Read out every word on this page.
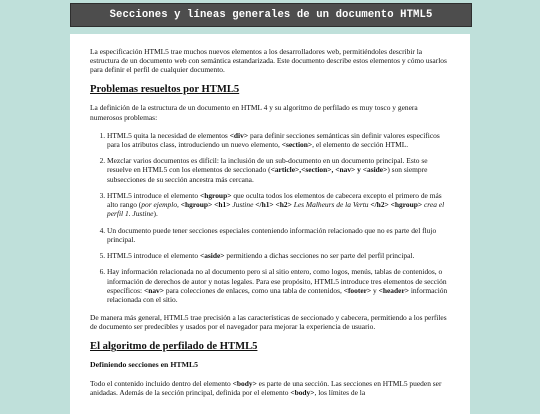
Secciones y líneas generales de un documento HTML5

La especificación HTML5 trae muchos nuevos elementos a los desarrolladores web, permitiéndoles describir la estructura de un documento web con semántica estandarizada. Este documento describe estos elementos y cómo usarlos para definir el perfil de cualquier documento.

Problemas resueltos por HTML5

La definición de la estructura de un documento en HTML 4 y su algoritmo de perfilado es muy tosco y genera numerosos problemas:

1. HTML5 quita la necesidad de elementos <div> para definir secciones semánticas sin definir valores específicos para los atributos class, introduciendo un nuevo elemento, <section>, el elemento de sección HTML.
2. Mezclar varios documentos es difícil: la inclusión de un sub-documento en un documento principal. Esto se resuelve en HTML5 con los elementos de seccionado (<article>,<section>, <nav> y <aside>) son siempre subsecciones de su sección ancestra más cercana.
3. HTML5 introduce el elemento <hgroup> que oculta todos los elementos de cabecera excepto el primero de más alto rango (por ejemplo, <hgroup> <h1> Justine </h1> <h2> Les Malheurs de la Vertu </h2> <hgroup> crea el perfil 1. Justine).
4. Un documento puede tener secciones especiales conteniendo información relacionado que no es parte del flujo principal.
5. HTML5 introduce el elemento <aside> permitiendo a dichas secciones no ser parte del perfil principal.
6. Hay información relacionada no al documento pero si al sitio entero, como logos, menús, tablas de contenidos, o información de derechos de autor y notas legales. Para ese propósito, HTML5 introduce tres elementos de sección específicos: <nav> para colecciones de enlaces, como una tabla de contenidos, <footer> y <header> información relacionada con el sitio.

De manera más general, HTML5 trae precisión a las características de seccionado y cabecera, permitiendo a los perfiles de documento ser predecibles y usados por el navegador para mejorar la experiencia de usuario.

El algoritmo de perfilado de HTML5
Definiendo secciones en HTML5

Todo el contenido incluido dentro del elemento <body> es parte de una sección. Las secciones en HTML5 pueden ser anidadas. Además de la sección principal, definida por el elemento <body>, los límites de la
